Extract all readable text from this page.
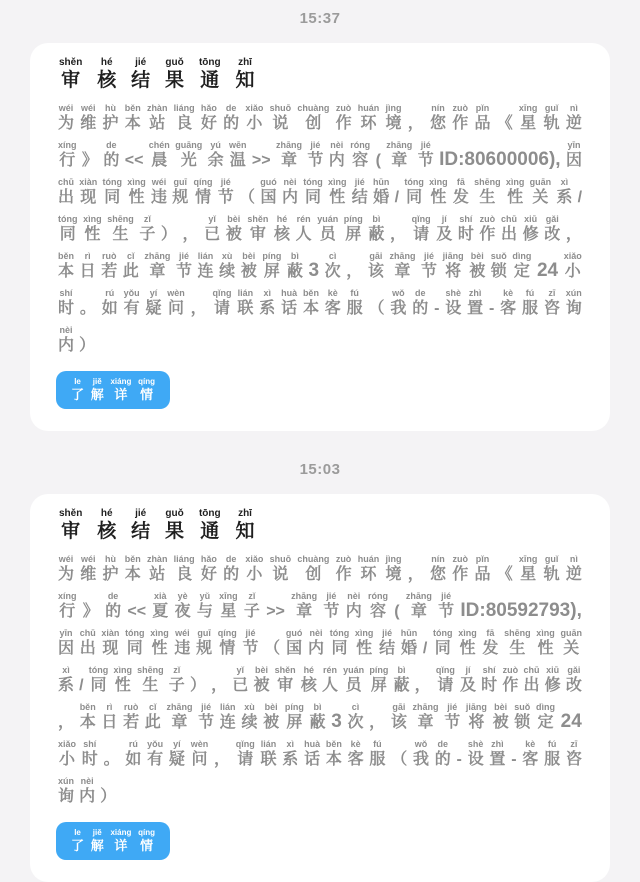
15:37
shěn
审

hé
核

jié
结

guǒ
果

tōng
通

zhī
知
wéi
为

wéi
维

hù
护

běn
本

zhàn
站

liáng
良

hǎo
好

de
的

xiǎo
小

shuō
说

chuàng
创

zuò
作

huán
环

jìng
境
，

nín
您

zuò
作

pǐn
品
《

xīng
星

guǐ
轨

nì
逆

xíng
行
》

de
的
<<

chén
晨

guāng
光

yú
余

wēn
温
>>

zhāng
章

jié
节

nèi
内

róng
容
(

zhāng
章

jié
节
ID:80600006),

yīn
因

chū
出

xiàn
现

tóng
同

xìng
性

wéi
违

guī
规

qíng
情

jié
节
（

guó
国

nèi
内

tóng
同

xìng
性

jié
结

hūn
婚
/

tóng
同

xìng
性

fā
发

shēng
生

xìng
性

guān
关

xì
系
/

tóng
同

xìng
性

shēng
生

zǐ
子
）
，

yǐ
已

bèi
被

shěn
审

hé
核

rén
人

yuán
员

píng
屏

bì
蔽
，

qǐng
请

jí
及

shí
时

zuò
作

chū
出

xiū
修

gǎi
改
，

běn
本

rì
日

ruò
若

cǐ
此

zhāng
章

jié
节

lián
连

xù
续

bèi
被

píng
屏

bì
蔽
3

cì
次
，

gāi
该

zhāng
章

jié
节

jiāng
将

bèi
被

suǒ
锁

dìng
定
24

xiǎo
小

shí
时
。

rú
如

yǒu
有

yí
疑

wèn
问
，

qǐng
请

lián
联

xì
系

huà
话

běn
本

kè
客

fú
服
（

wǒ
我

de
的
-

shè
设

zhì
置
-

kè
客

fú
服

zī
咨

xún
询

nèi
内
）
le
了

jiě
解

xiáng
详

qíng
情
15:03
shěn
审

hé
核

jié
结

guǒ
果

tōng
通

zhī
知
wéi
为

wéi
维

hù
护

běn
本

zhàn
站

liáng
良

hǎo
好

de
的

xiǎo
小

shuō
说

chuàng
创

zuò
作

huán
环

jìng
境
，

nín
您

zuò
作

pǐn
品
《

xīng
星

guǐ
轨

nì
逆

xíng
行
》

de
的
<<

xià
夏

yè
夜

yǔ
与

xīng
星

zǐ
子
>>

zhāng
章

jié
节

nèi
内

róng
容
(

zhāng
章

jié
节
ID:80592793),

yīn
因

chū
出

xiàn
现

tóng
同

xìng
性

wéi
违

guī
规

qíng
情

jié
节
（

guó
国

nèi
内

tóng
同

xìng
性

jié
结

hūn
婚
/

tóng
同

xìng
性

fā
发

shēng
生

xìng
性

guān
关

xì
系
/

tóng
同

xìng
性

shēng
生

zǐ
子
）
，

yǐ
已

bèi
被

shěn
审

hé
核

rén
人

yuán
员

píng
屏

bì
蔽
，

qǐng
请

jí
及

shí
时

zuò
作

chū
出

xiū
修

gǎi
改

，

běn
本

rì
日

ruò
若

cǐ
此

zhāng
章

jié
节

lián
连

xù
续

bèi
被

píng
屏

bì
蔽
3

cì
次
，

gāi
该

zhāng
章

jié
节

jiāng
将

bèi
被

suǒ
锁

dìng
定
24

xiǎo
小

shí
时
。

rú
如

yǒu
有

yí
疑

wèn
问
，

qǐng
请

lián
联

xì
系

huà
话

běn
本

kè
客

fú
服
（

wǒ
我

de
的
-

shè
设

zhì
置
-

kè
客

fú
服

zī
咨

xún
询

nèi
内
）
le
了

jiě
解

xiáng
详

qíng
情
